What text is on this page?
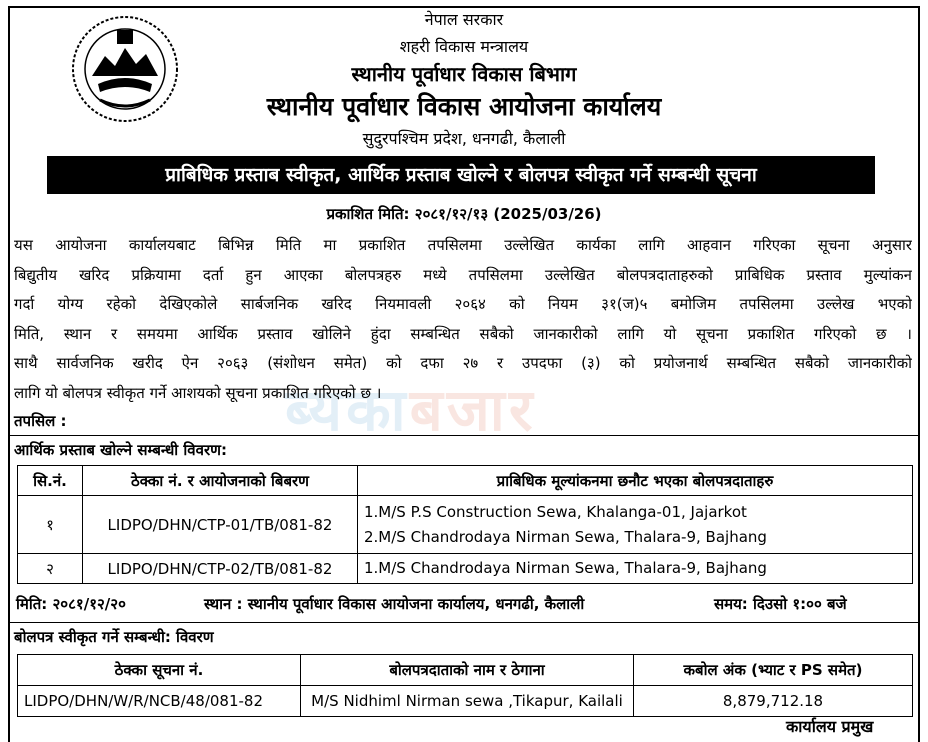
नेपाल सरकार
शहरी विकास मन्त्रालय
स्थानीय पूर्वाधार विकास बिभाग
स्थानीय पूर्वाधार विकास आयोजना कार्यालय
सुदुरपश्चिम प्रदेश, धनगढी, कैलाली
प्राबिधिक प्रस्ताब स्वीकृत, आर्थिक प्रस्ताब खोल्ने र बोलपत्र स्वीकृत गर्ने सम्बन्धी सूचना
प्रकाशित मिति: २०८१/१२/१३ (2025/03/26)
ब्यकाबजार
यस आयोजना कार्यालयबाट बिभिन्न मिति मा प्रकाशित तपसिलमा उल्लेखित कार्यका लागि आहवान गरिएका सूचना अनुसार
बिद्युतीय खरिद प्रक्रियामा दर्ता हुन आएका बोलपत्रहरु मध्ये तपसिलमा उल्लेखित बोलपत्रदाताहरुको प्राबिधिक प्रस्ताव मुल्यांकन
गर्दा योग्य रहेको देखिएकोले सार्बजनिक खरिद नियमावली २०६४ को नियम ३१(ज)५ बमोजिम तपसिलमा उल्लेख भएको
मिति, स्थान र समयमा आर्थिक प्रस्ताव खोलिने हुंदा सम्बन्धित सबैको जानकारीको लागि यो सूचना प्रकाशित गरिएको छ ।
साथै सार्वजनिक खरीद ऐन २०६३ (संशोधन समेत) को दफा २७ र उपदफा (३) को प्रयोजनार्थ सम्बन्धित सबैको जानकारीको
लागि यो बोलपत्र स्वीकृत गर्ने आशयको सूचना प्रकाशित गरिएको छ ।
तपसिल :
आर्थिक प्रस्ताब खोल्ने सम्बन्धी विवरण:
सि.नं.	ठेक्का नं. र आयोजनाको बिबरण	प्राबिधिक मूल्यांकनमा छनौट भएका बोलपत्रदाताहरु
१	LIDPO/DHN/CTP-01/TB/081-82	1.M/S P.S Construction Sewa, Khalanga-01, Jajarkot
2.M/S Chandrodaya Nirman Sewa, Thalara-9, Bajhang

२	LIDPO/DHN/CTP-02/TB/081-82	1.M/S Chandrodaya Nirman Sewa, Thalara-9, Bajhang
मिति: २०८१/१२/२०	स्थान : स्थानीय पूर्वाधार विकास आयोजना कार्यालय, धनगढी, कैलाली	समय: दिउसो १:०० बजे
बोलपत्र स्वीकृत गर्ने सम्बन्धी: विवरण
ठेक्का सूचना नं.	बोलपत्रदाताको नाम र ठेगाना	कबोल अंक (भ्याट र PS समेत)
LIDPO/DHN/W/R/NCB/48/081-82	M/S Nidhiml Nirman sewa ,Tikapur, Kailali	8,879,712.18
कार्यालय प्रमुख
